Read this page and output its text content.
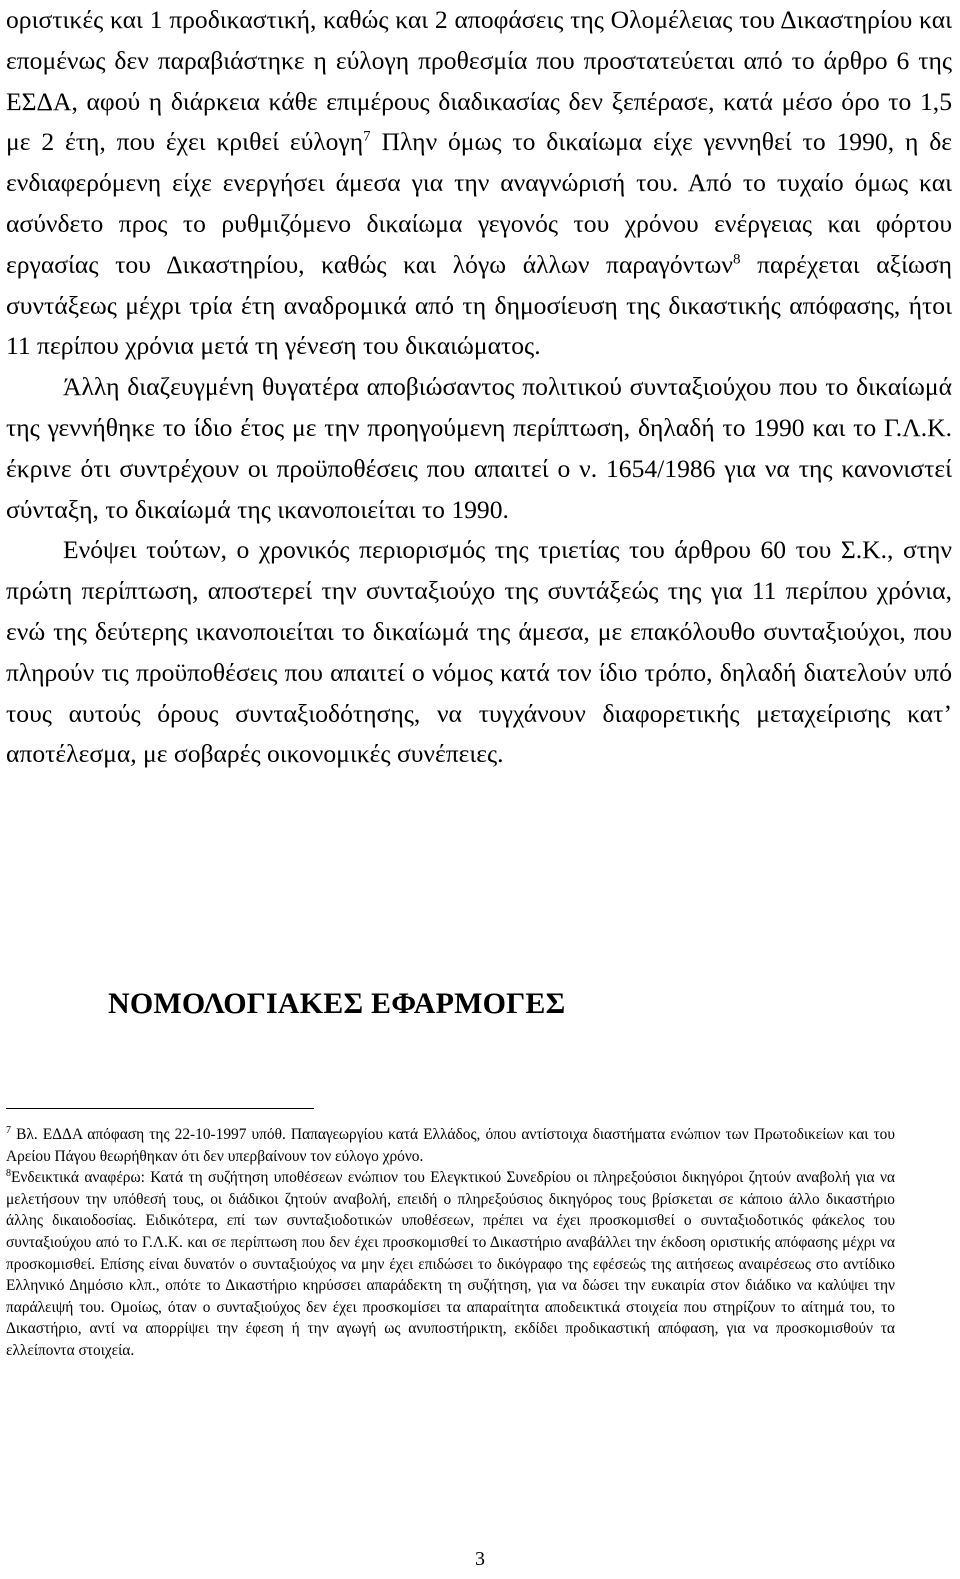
οριστικές και 1 προδικαστική, καθώς και 2 αποφάσεις της Ολομέλειας του Δικαστηρίου και επομένως δεν παραβιάστηκε η εύλογη προθεσμία που προστατεύεται από το άρθρο 6 της ΕΣΔΑ, αφού η διάρκεια κάθε επιμέρους διαδικασίας δεν ξεπέρασε, κατά μέσο όρο το 1,5 με 2 έτη, που έχει κριθεί εύλογη$^7$ Πλην όμως το δικαίωμα είχε γεννηθεί το 1990, η δε ενδιαφερόμενη είχε ενεργήσει άμεσα για την αναγνώρισή του. Από το τυχαίο όμως και ασύνδετο προς το ρυθμιζόμενο δικαίωμα γεγονός του χρόνου ενέργειας και φόρτου εργασίας του Δικαστηρίου, καθώς και λόγω άλλων παραγόντων$^8$ παρέχεται αξίωση συντάξεως μέχρι τρία έτη αναδρομικά από τη δημοσίευση της δικαστικής απόφασης, ήτοι 11 περίπου χρόνια μετά τη γένεση του δικαιώματος.

Άλλη διαζευγμένη θυγατέρα αποβιώσαντος πολιτικού συνταξιούχου που το δικαίωμά της γεννήθηκε το ίδιο έτος με την προηγούμενη περίπτωση, δηλαδή το 1990 και το Γ.Λ.Κ. έκρινε ότι συντρέχουν οι προϋποθέσεις που απαιτεί ο ν. 1654/1986 για να της κανονιστεί σύνταξη, το δικαίωμά της ικανοποιείται το 1990.

Ενόψει τούτων, ο χρονικός περιορισμός της τριετίας του άρθρου 60 του Σ.Κ., στην πρώτη περίπτωση, αποστερεί την συνταξιούχο της συντάξεώς της για 11 περίπου χρόνια, ενώ της δεύτερης ικανοποιείται το δικαίωμά της άμεσα, με επακόλουθο συνταξιούχοι, που πληρούν τις προϋποθέσεις που απαιτεί ο νόμος κατά τον ίδιο τρόπο, δηλαδή διατελούν υπό τους αυτούς όρους συνταξιοδότησης, να τυγχάνουν διαφορετικής μεταχείρισης κατ’ αποτέλεσμα, με σοβαρές οικονομικές συνέπειες.

ΝΟΜΟΛΟΓΙΑΚΕΣ ΕΦΑΡΜΟΓΕΣ

$^7$ Βλ. ΕΔΔΑ απόφαση της 22-10-1997 υπόθ. Παπαγεωργίου κατά Ελλάδος, όπου αντίστοιχα διαστήματα ενώπιον των Πρωτοδικείων και του Αρείου Πάγου θεωρήθηκαν ότι δεν υπερβαίνουν τον εύλογο χρόνο.

$^8$Ενδεικτικά αναφέρω: Κατά τη συζήτηση υποθέσεων ενώπιον του Ελεγκτικού Συνεδρίου οι πληρεξούσιοι δικηγόροι ζητούν αναβολή για να μελετήσουν την υπόθεσή τους, οι διάδικοι ζητούν αναβολή, επειδή ο πληρεξούσιος δικηγόρος τους βρίσκεται σε κάποιο άλλο δικαστήριο άλλης δικαιοδοσίας. Ειδικότερα, επί των συνταξιοδοτικών υποθέσεων, πρέπει να έχει προσκομισθεί ο συνταξιοδοτικός φάκελος του συνταξιούχου από το Γ.Λ.Κ. και σε περίπτωση που δεν έχει προσκομισθεί το Δικαστήριο αναβάλλει την έκδοση οριστικής απόφασης μέχρι να προσκομισθεί. Επίσης είναι δυνατόν ο συνταξιούχος να μην έχει επιδώσει το δικόγραφο της εφέσεώς της αιτήσεως αναιρέσεως στο αντίδικο Ελληνικό Δημόσιο κλπ., οπότε το Δικαστήριο κηρύσσει απαράδεκτη τη συζήτηση, για να δώσει την ευκαιρία στον διάδικο να καλύψει την παράλειψή του. Ομοίως, όταν ο συνταξιούχος δεν έχει προσκομίσει τα απαραίτητα αποδεικτικά στοιχεία που στηρίζουν το αίτημά του, το Δικαστήριο, αντί να απορρίψει την έφεση ή την αγωγή ως ανυποστήρικτη, εκδίδει προδικαστική απόφαση, για να προσκομισθούν τα ελλείποντα στοιχεία.

3
